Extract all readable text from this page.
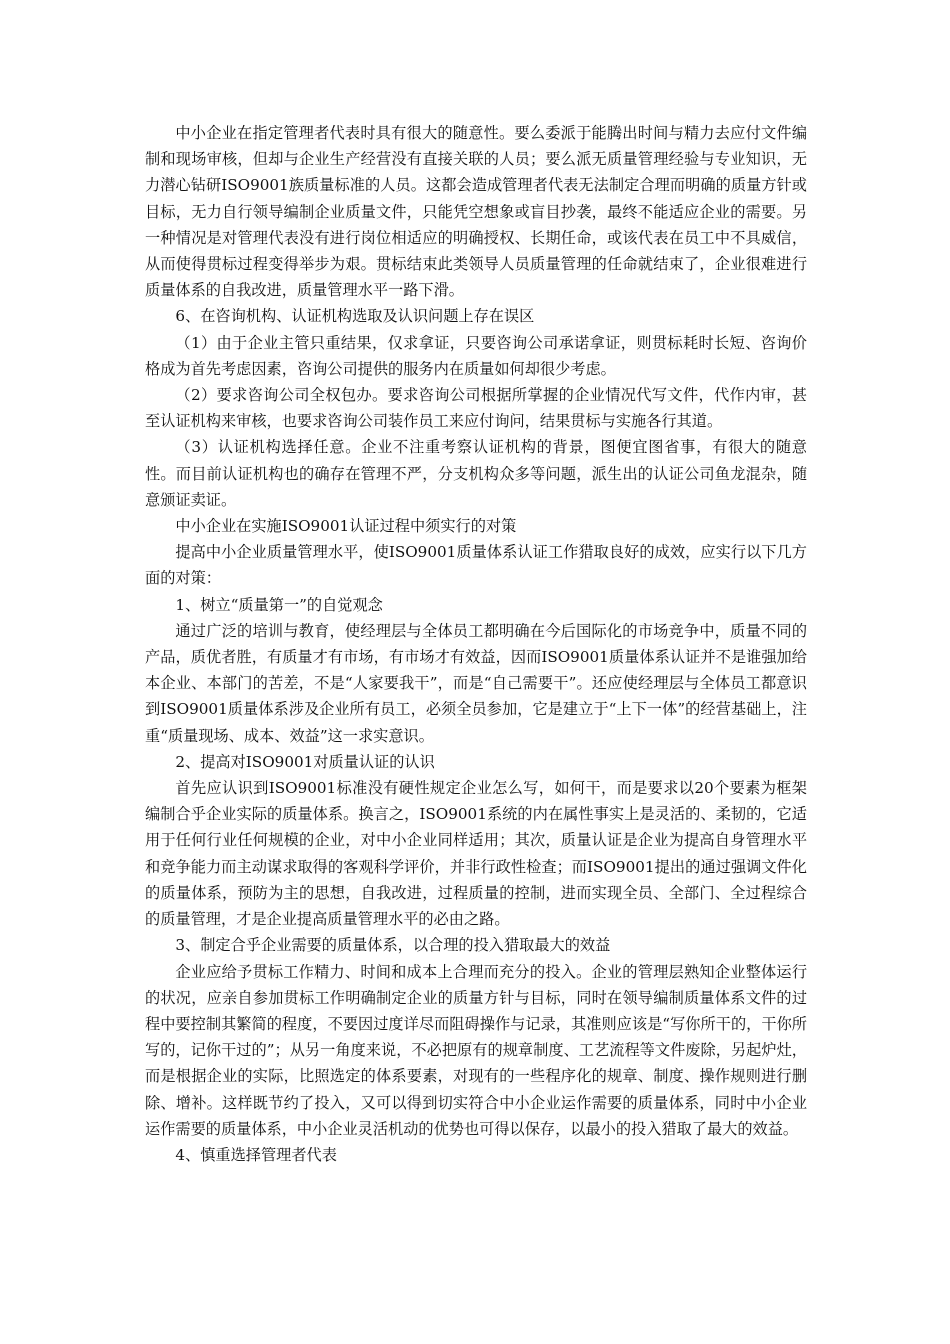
中小企业在指定管理者代表时具有很大的随意性。要么委派于能腾出时间与精力去应付文件编制和现场审核，但却与企业生产经营没有直接关联的人员；要么派无质量管理经验与专业知识，无力潜心钻研ISO9001族质量标准的人员。这都会造成管理者代表无法制定合理而明确的质量方针或目标，无力自行领导编制企业质量文件，只能凭空想象或盲目抄袭，最终不能适应企业的需要。另一种情况是对管理代表没有进行岗位相适应的明确授权、长期任命，或该代表在员工中不具威信，从而使得贯标过程变得举步为艰。贯标结束此类领导人员质量管理的任命就结束了，企业很难进行质量体系的自我改进，质量管理水平一路下滑。

6、在咨询机构、认证机构选取及认识问题上存在误区

（1）由于企业主管只重结果，仅求拿证，只要咨询公司承诺拿证，则贯标耗时长短、咨询价格成为首先考虑因素，咨询公司提供的服务内在质量如何却很少考虑。

（2）要求咨询公司全权包办。要求咨询公司根据所掌握的企业情况代写文件，代作内审，甚至认证机构来审核，也要求咨询公司装作员工来应付询问，结果贯标与实施各行其道。

（3）认证机构选择任意。企业不注重考察认证机构的背景，图便宜图省事，有很大的随意性。而目前认证机构也的确存在管理不严，分支机构众多等问题，派生出的认证公司鱼龙混杂，随意颁证卖证。

中小企业在实施ISO9001认证过程中须实行的对策

提高中小企业质量管理水平，使ISO9001质量体系认证工作猎取良好的成效，应实行以下几方面的对策：

1、树立“质量第一”的自觉观念

通过广泛的培训与教育，使经理层与全体员工都明确在今后国际化的市场竞争中，质量不同的产品，质优者胜，有质量才有市场，有市场才有效益，因而ISO9001质量体系认证并不是谁强加给本企业、本部门的苦差，不是“人家要我干”，而是“自己需要干”。还应使经理层与全体员工都意识到ISO9001质量体系涉及企业所有员工，必须全员参加，它是建立于“上下一体”的经营基础上，注重“质量现场、成本、效益”这一求实意识。

2、提高对ISO9001对质量认证的认识

首先应认识到ISO9001标准没有硬性规定企业怎么写，如何干，而是要求以20个要素为框架编制合乎企业实际的质量体系。换言之，ISO9001系统的内在属性事实上是灵活的、柔韧的，它适用于任何行业任何规模的企业，对中小企业同样适用；其次，质量认证是企业为提高自身管理水平和竞争能力而主动谋求取得的客观科学评价，并非行政性检查；而ISO9001提出的通过强调文件化的质量体系，预防为主的思想，自我改进，过程质量的控制，进而实现全员、全部门、全过程综合的质量管理，才是企业提高质量管理水平的必由之路。

3、制定合乎企业需要的质量体系，以合理的投入猎取最大的效益

企业应给予贯标工作精力、时间和成本上合理而充分的投入。企业的管理层熟知企业整体运行的状况，应亲自参加贯标工作明确制定企业的质量方针与目标，同时在领导编制质量体系文件的过程中要控制其繁简的程度，不要因过度详尽而阻碍操作与记录，其准则应该是“写你所干的，干你所写的，记你干过的”；从另一角度来说，不必把原有的规章制度、工艺流程等文件废除，另起炉灶，而是根据企业的实际，比照选定的体系要素，对现有的一些程序化的规章、制度、操作规则进行删除、增补。这样既节约了投入，又可以得到切实符合中小企业运作需要的质量体系，同时中小企业运作需要的质量体系，中小企业灵活机动的优势也可得以保存，以最小的投入猎取了最大的效益。

4、慎重选择管理者代表
